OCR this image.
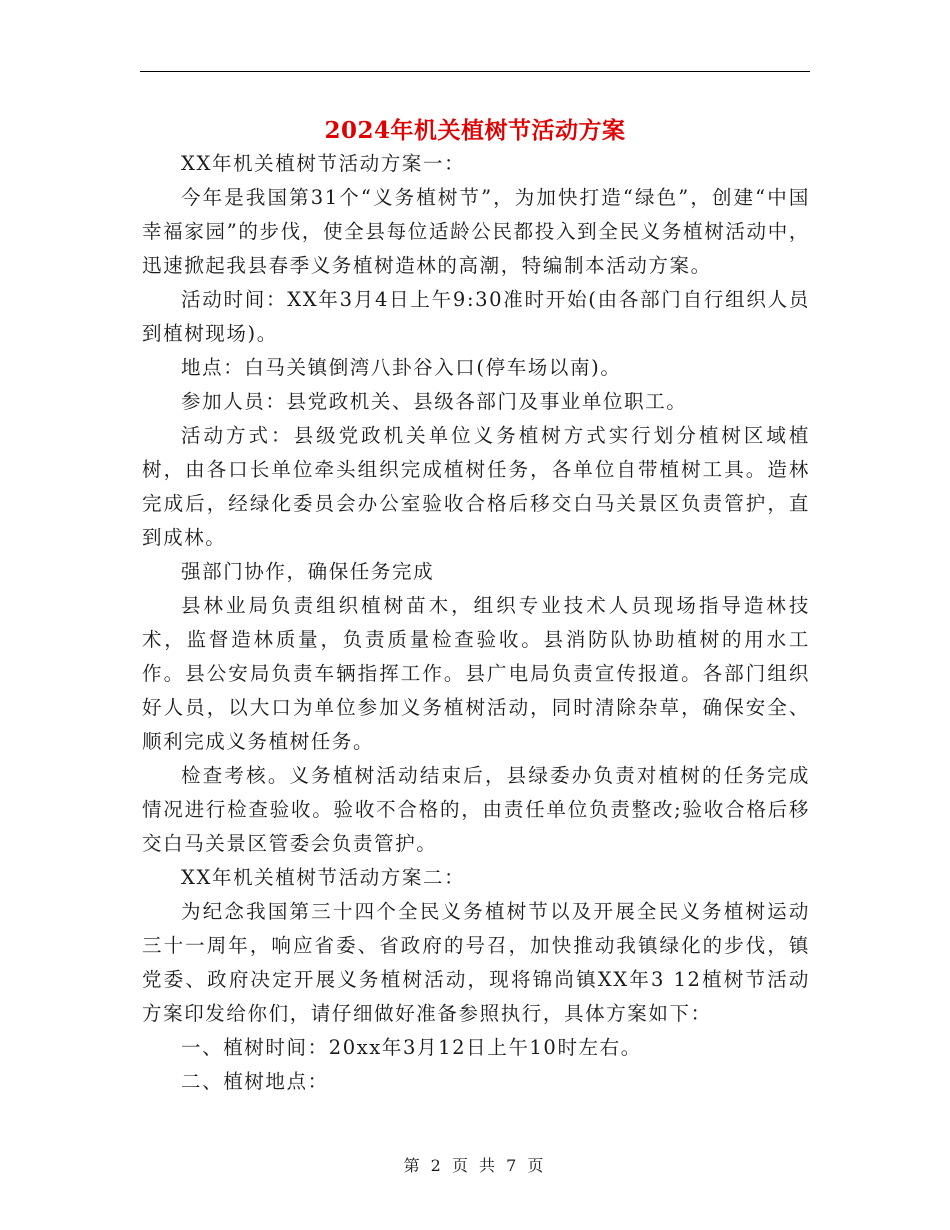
2024年机关植树节活动方案

XX年机关植树节活动方案一：

今年是我国第31个“义务植树节”，为加快打造“绿色”，创建“中国幸福家园”的步伐，使全县每位适龄公民都投入到全民义务植树活动中，迅速掀起我县春季义务植树造林的高潮，特编制本活动方案。

活动时间：XX年3月4日上午9:30准时开始(由各部门自行组织人员到植树现场)。

地点：白马关镇倒湾八卦谷入口(停车场以南)。

参加人员：县党政机关、县级各部门及事业单位职工。

活动方式：县级党政机关单位义务植树方式实行划分植树区域植树，由各口长单位牵头组织完成植树任务，各单位自带植树工具。造林完成后，经绿化委员会办公室验收合格后移交白马关景区负责管护，直到成林。

强部门协作，确保任务完成

县林业局负责组织植树苗木，组织专业技术人员现场指导造林技术，监督造林质量，负责质量检查验收。县消防队协助植树的用水工作。县公安局负责车辆指挥工作。县广电局负责宣传报道。各部门组织好人员，以大口为单位参加义务植树活动，同时清除杂草，确保安全、顺利完成义务植树任务。

检查考核。义务植树活动结束后，县绿委办负责对植树的任务完成情况进行检查验收。验收不合格的，由责任单位负责整改;验收合格后移交白马关景区管委会负责管护。

XX年机关植树节活动方案二：

为纪念我国第三十四个全民义务植树节以及开展全民义务植树运动三十一周年，响应省委、省政府的号召，加快推动我镇绿化的步伐，镇党委、政府决定开展义务植树活动，现将锦尚镇XX年3 12植树节活动方案印发给你们，请仔细做好准备参照执行，具体方案如下：

一、植树时间：20xx年3月12日上午10时左右。

二、植树地点：

第 2 页 共 7 页
